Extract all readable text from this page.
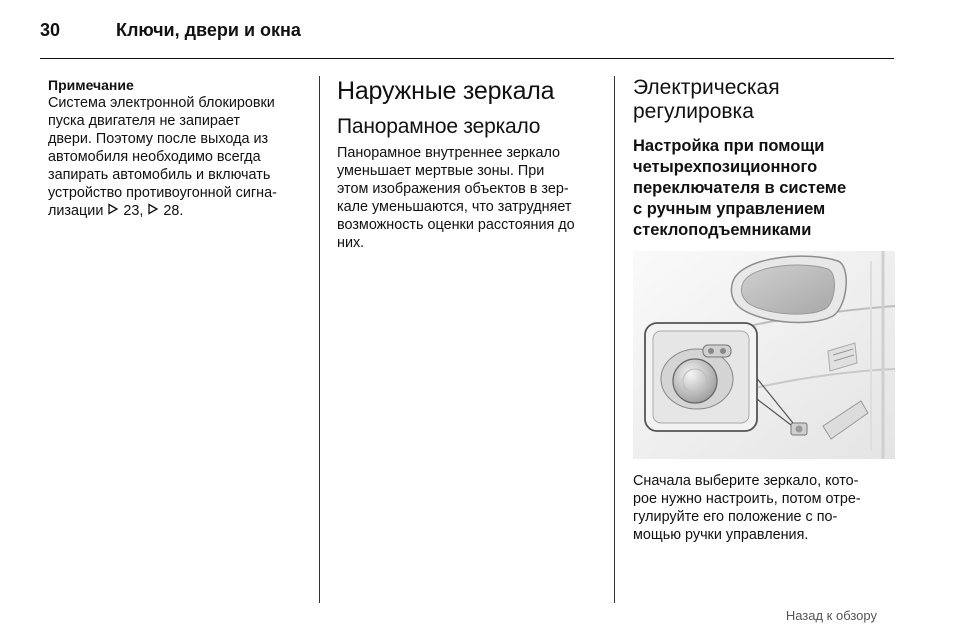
30	Ключи, двери и окна

Примечание

Система электронной блокировки
пуска двигателя не запирает
двери. Поэтому после выхода из
автомобиля необходимо всегда
запирать автомобиль и включать
устройство противоугонной сигна-
лизации  23,  28.

Наружные зеркала
Панорамное зеркало

Панорамное внутреннее зеркало
уменьшает мертвые зоны. При
этом изображения объектов в зер-
кале уменьшаются, что затрудняет
возможность оценки расстояния до
них.

Электрическая
регулировка
Настройка при помощи
четырехпозиционного
переключателя в системе
с ручным управлением
стеклоподъемниками

Сначала выберите зеркало, кото-
рое нужно настроить, потом отре-
гулируйте его положение с по-
мощью ручки управления.

Назад к обзору
